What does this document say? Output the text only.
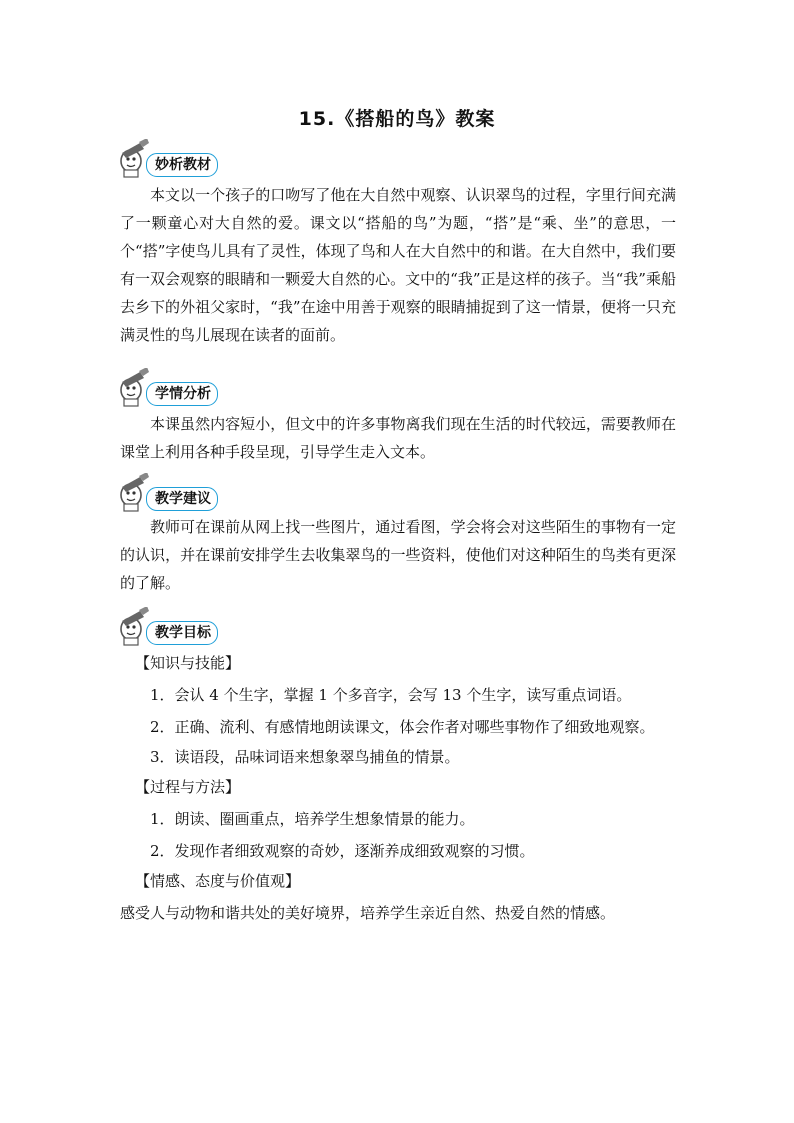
15.《搭船的鸟》教案
妙析教材

本文以一个孩子的口吻写了他在大自然中观察、认识翠鸟的过程，字里行间充满了一颗童心对大自然的爱。课文以“搭船的鸟”为题，“搭”是“乘、坐”的意思，一个“搭”字使鸟儿具有了灵性，体现了鸟和人在大自然中的和谐。在大自然中，我们要有一双会观察的眼睛和一颗爱大自然的心。文中的“我”正是这样的孩子。当“我”乘船去乡下的外祖父家时，“我”在途中用善于观察的眼睛捕捉到了这一情景，便将一只充满灵性的鸟儿展现在读者的面前。

学情分析

本课虽然内容短小，但文中的许多事物离我们现在生活的时代较远，需要教师在课堂上利用各种手段呈现，引导学生走入文本。

教学建议

教师可在课前从网上找一些图片，通过看图，学会将会对这些陌生的事物有一定的认识，并在课前安排学生去收集翠鸟的一些资料，使他们对这种陌生的鸟类有更深的了解。

教学目标

【知识与技能】

1．会认 4 个生字，掌握 1 个多音字，会写 13 个生字，读写重点词语。

2．正确、流利、有感情地朗读课文，体会作者对哪些事物作了细致地观察。

3．读语段，品味词语来想象翠鸟捕鱼的情景。

【过程与方法】

1．朗读、圈画重点，培养学生想象情景的能力。

2．发现作者细致观察的奇妙，逐渐养成细致观察的习惯。

【情感、态度与价值观】

感受人与动物和谐共处的美好境界，培养学生亲近自然、热爱自然的情感。
